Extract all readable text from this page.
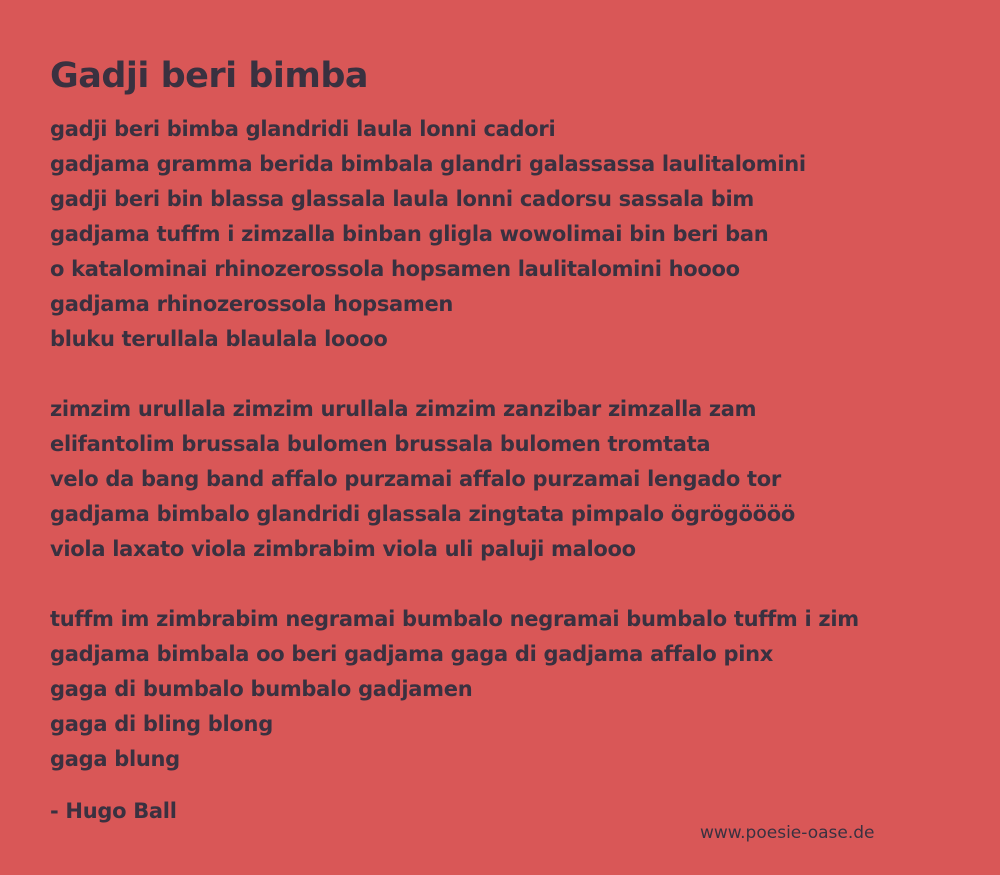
Gadji beri bimba
gadji beri bimba glandridi laula lonni cadori
gadjama gramma berida bimbala glandri galassassa laulitalomini
gadji beri bin blassa glassala laula lonni cadorsu sassala bim
gadjama tuffm i zimzalla binban gligla wowolimai bin beri ban
o katalominai rhinozerossola hopsamen laulitalomini hoooo
gadjama rhinozerossola hopsamen
bluku terullala blaulala loooo
zimzim urullala zimzim urullala zimzim zanzibar zimzalla zam
elifantolim brussala bulomen brussala bulomen tromtata
velo da bang band affalo purzamai affalo purzamai lengado tor
gadjama bimbalo glandridi glassala zingtata pimpalo ögrögöööö
viola laxato viola zimbrabim viola uli paluji malooo
tuffm im zimbrabim negramai bumbalo negramai bumbalo tuffm i zim
gadjama bimbala oo beri gadjama gaga di gadjama affalo pinx
gaga di bumbalo bumbalo gadjamen
gaga di bling blong
gaga blung
- Hugo Ball
www.poesie-oase.de
